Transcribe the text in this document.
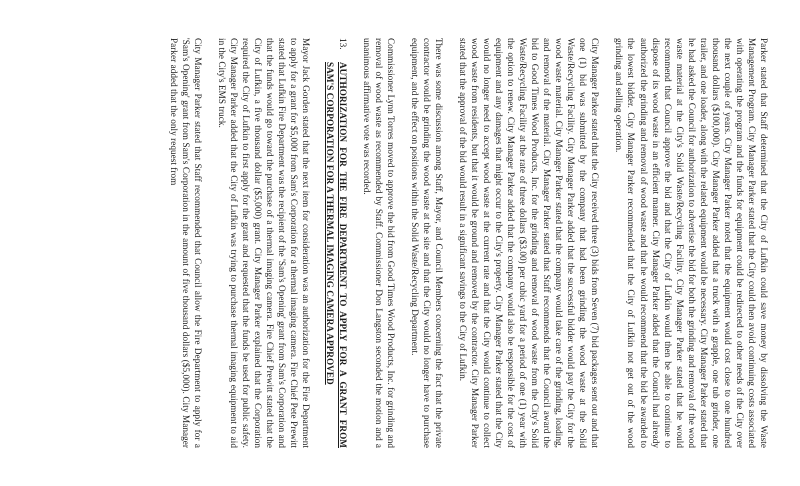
Parker stated that Staff determined that the City of Lufkin could save money by dissolving the Waste Management Program. City Manager Parker stated that the City could then avoid continuing costs associated with operating the program and the funds for equipment could be redirected to other needs of the City over the next couple of years. City Manager Parker noted that the equipment would cost close to one hundred thousand dollars ($100,000). City Manager Parker added that a truck with a grapple, one tub grinder, one trailer, and one loader, along with the related equipment would be necessary. City Manager Parker stated that he had asked the Council for authorization to advertise the bid for both the grinding and removal of the wood waste material at the City's Solid Waste/Recycling Facility. City Manager Parker stated that he would recommend that Council approve the bid and that the City of Lufkin would then be able to continue to dispose of its wood waste in an efficient manner. City Manager Parker added that the Council had already authorized the grinding and removal of wood waste and that he would recommend that the bid be awarded to the lowest bidder. City Manager Parker recommended that the City of Lufkin not get out of the wood grinding and selling operation.

City Manager Parker stated that the City received three (3) bids from Seven (7) bid packages sent out and that one (1) bid was submitted by the company that had been grinding the wood waste at the Solid Waste/Recycling Facility. City Manager Parker added that the successful bidder would pay the City for the wood waste material. City Manager Parker stated that the company would take care of the grinding, loading, and removal of the material. City Manager Parker stated that Staff recommends that the Council award the bid to Good Times Wood Products, Inc. for the grinding and removal of wood waste from the City's Solid Waste/Recycling Facility at the rate of three dollars ($3.00) per cubic yard for a period of one (1) year with the option to renew. City Manager Parker added that the company would also be responsible for the cost of equipment and any damages that might occur to the City's property. City Manager Parker stated that the City would no longer need to accept wood waste at the current rate and that the City would continue to collect wood waste from residents, but that it would be ground and removed by the contractor. City Manager Parker stated that the approval of the bid would result in a significant savings to the City of Lufkin.

There was some discussion among Staff, Mayor, and Council Members concerning the fact that the private contractor would be grinding the wood waste at the site and that the City would no longer have to purchase equipment, and the effect on positions within the Solid Waste/Recycling Department.

Commissioner Lynn Torres moved to approve the bid from Good Times Wood Products, Inc. for grinding and removal of wood waste as recommended by Staff. Commissioner Don Langston seconded the motion and a unanimous affirmative vote was recorded.

13.
AUTHORIZATION FOR THE FIRE DEPARTMENT TO APPLY FOR A GRANT FROM SAM'S CORPORATION FOR A THERMAL IMAGING CAMERA APPROVED

Mayor Jack Gorden stated that the next item for consideration was an authorization for the Fire Department to apply for a grant for $5,000 from Sam's Corporation for a thermal imaging camera. Fire Chief Pete Prewitt stated that Lufkin Fire Department was the recipient of the 'Sam's Opening' grant from Sam's Corporation and that the funds would go toward the purchase of a thermal imaging camera. Fire Chief Prewitt stated that the City of Lufkin, a five thousand dollar ($5,000) grant. City Manager Parker explained that the Corporation required the City of Lufkin to first apply for the grant and requested that the funds be used for public safety. City Manager Parker added that the City of Lufkin was trying to purchase thermal imaging equipment to aid in the City's EMS truck.

City Manager Parker stated that Staff recommended that Council allow the Fire Department to apply for a 'Sam's Opening' grant from Sam's Corporation in the amount of five thousand dollars ($5,000). City Manager Parker added that the only request from
